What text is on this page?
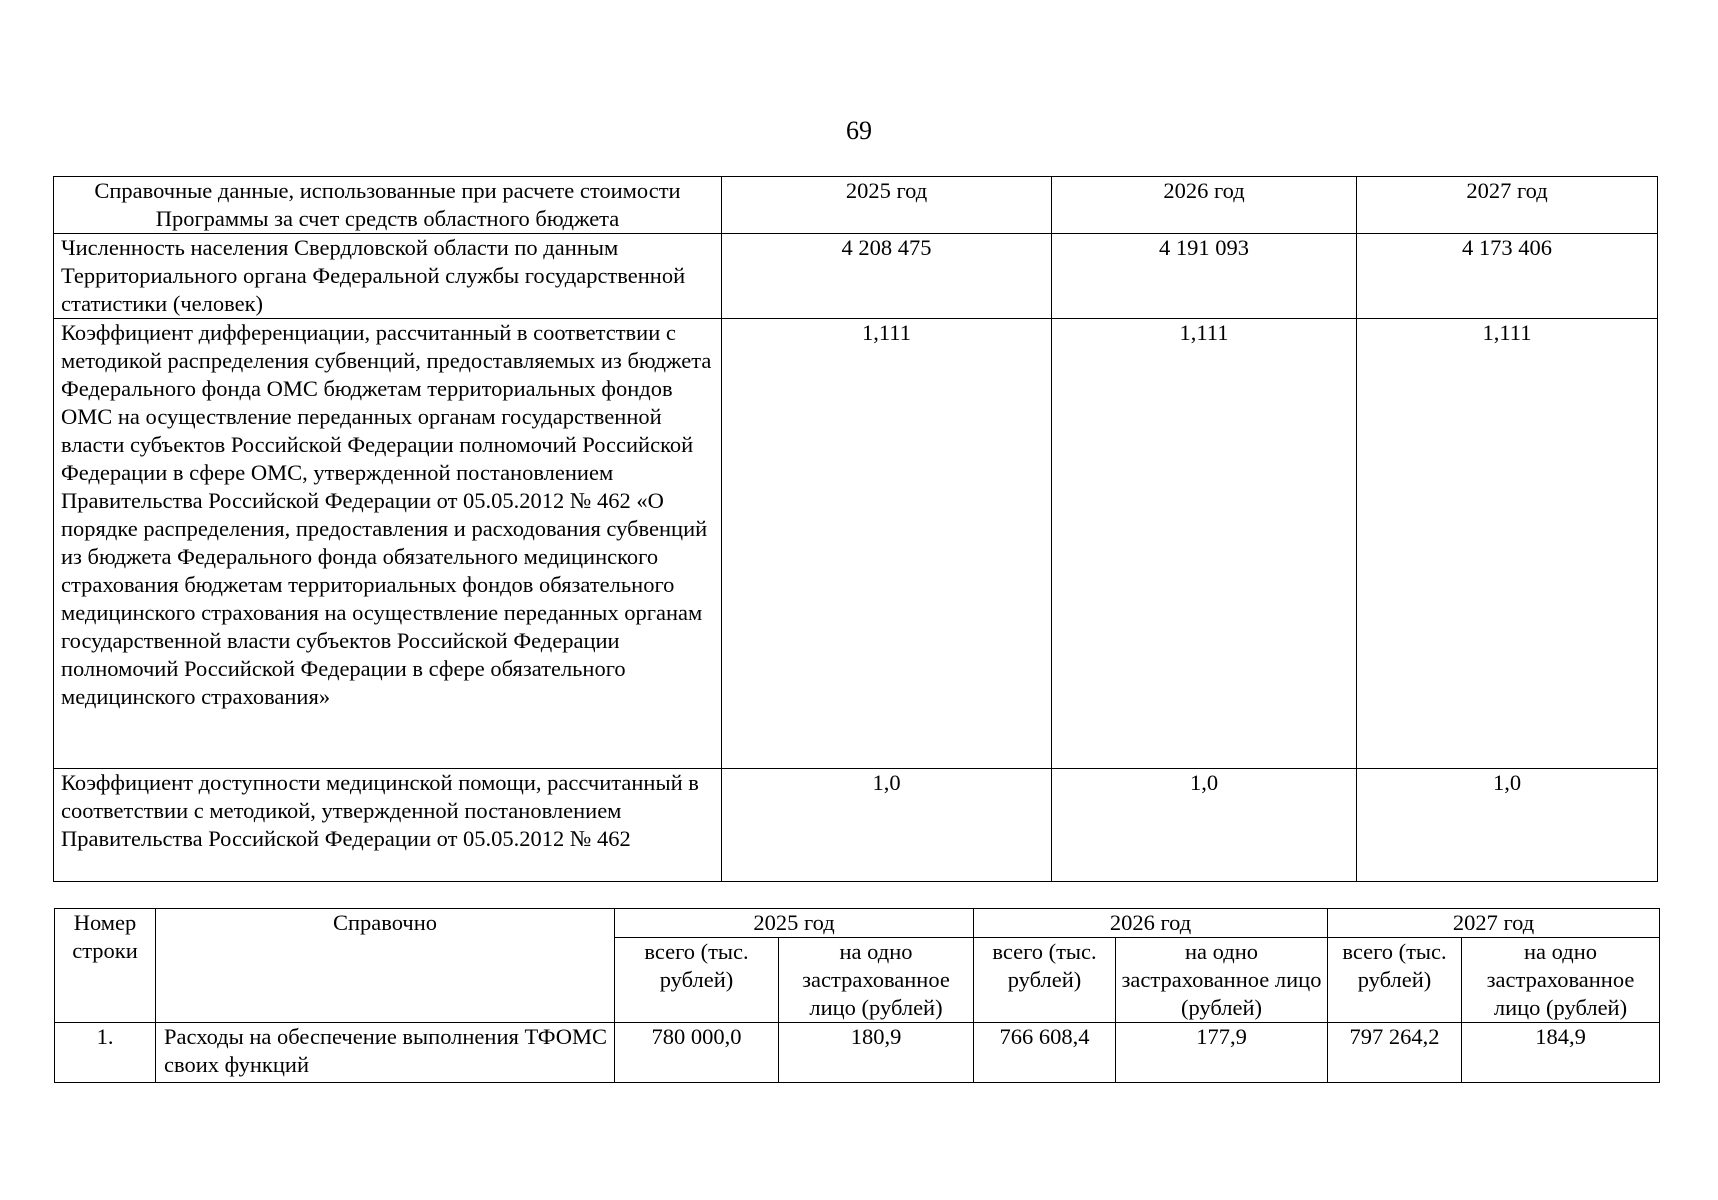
69
Справочные данные, использованные при расчете стоимости Программы за счет средств областного бюджета	2025 год	2026 год	2027 год
Численность населения Свердловской области по данным Территориального органа Федеральной службы государственной статистики (человек)	4 208 475	4 191 093	4 173 406
Коэффициент дифференциации, рассчитанный в соответствии с методикой распределения субвенций, предоставляемых из бюджета Федерального фонда ОМС бюджетам территориальных фондов ОМС на осуществление переданных органам государственной власти субъектов Российской Федерации полномочий Российской Федерации в сфере ОМС, утвержденной постановлением Правительства Российской Федерации от 05.05.2012 № 462 «О порядке распределения, предоставления и расходования субвенций из бюджета Федерального фонда обязательного медицинского страхования бюджетам территориальных фондов обязательного медицинского страхования на осуществление переданных органам государственной власти субъектов Российской Федерации полномочий Российской Федерации в сфере обязательного медицинского страхования»	1,111	1,111	1,111
Коэффициент доступности медицинской помощи, рассчитанный в соответствии с методикой, утвержденной постановлением Правительства Российской Федерации от 05.05.2012 № 462	1,0	1,0	1,0
Номер строки	Справочно	2025 год		2026 год		2027 год	
		всего (тыс. рублей)	на одно застрахованное лицо (рублей)	всего (тыс. рублей)	на одно застрахованное лицо (рублей)	всего (тыс. рублей)	на одно застрахованное лицо (рублей)
1.	Расходы на обеспечение выполнения ТФОМС своих функций	780 000,0	180,9	766 608,4	177,9	797 264,2	184,9
